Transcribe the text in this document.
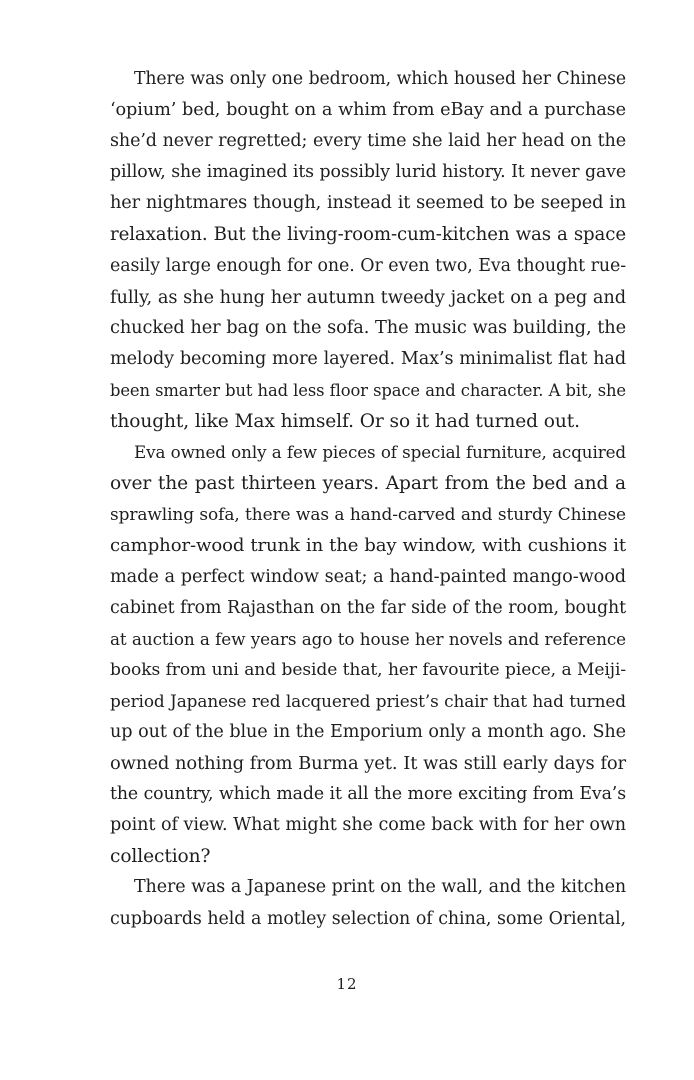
There was only one bedroom, which housed her Chinese
‘opium’ bed, bought on a whim from eBay and a purchase
she’d never regretted; every time she laid her head on the
pillow, she imagined its possibly lurid history. It never gave
her nightmares though, instead it seemed to be seeped in
relaxation. But the living-room-cum-kitchen was a space
easily large enough for one. Or even two, Eva thought rue-
fully, as she hung her autumn tweedy jacket on a peg and
chucked her bag on the sofa. The music was building, the
melody becoming more layered. Max’s minimalist flat had
been smarter but had less floor space and character. A bit, she
thought, like Max himself. Or so it had turned out.

Eva owned only a few pieces of special furniture, acquired
over the past thirteen years. Apart from the bed and a
sprawling sofa, there was a hand-carved and sturdy Chinese
camphor-wood trunk in the bay window, with cushions it
made a perfect window seat; a hand-painted mango-wood
cabinet from Rajasthan on the far side of the room, bought
at auction a few years ago to house her novels and reference
books from uni and beside that, her favourite piece, a Meiji-
period Japanese red lacquered priest’s chair that had turned
up out of the blue in the Emporium only a month ago. She
owned nothing from Burma yet. It was still early days for
the country, which made it all the more exciting from Eva’s
point of view. What might she come back with for her own
collection?

There was a Japanese print on the wall, and the kitchen
cupboards held a motley selection of china, some Oriental,

12
